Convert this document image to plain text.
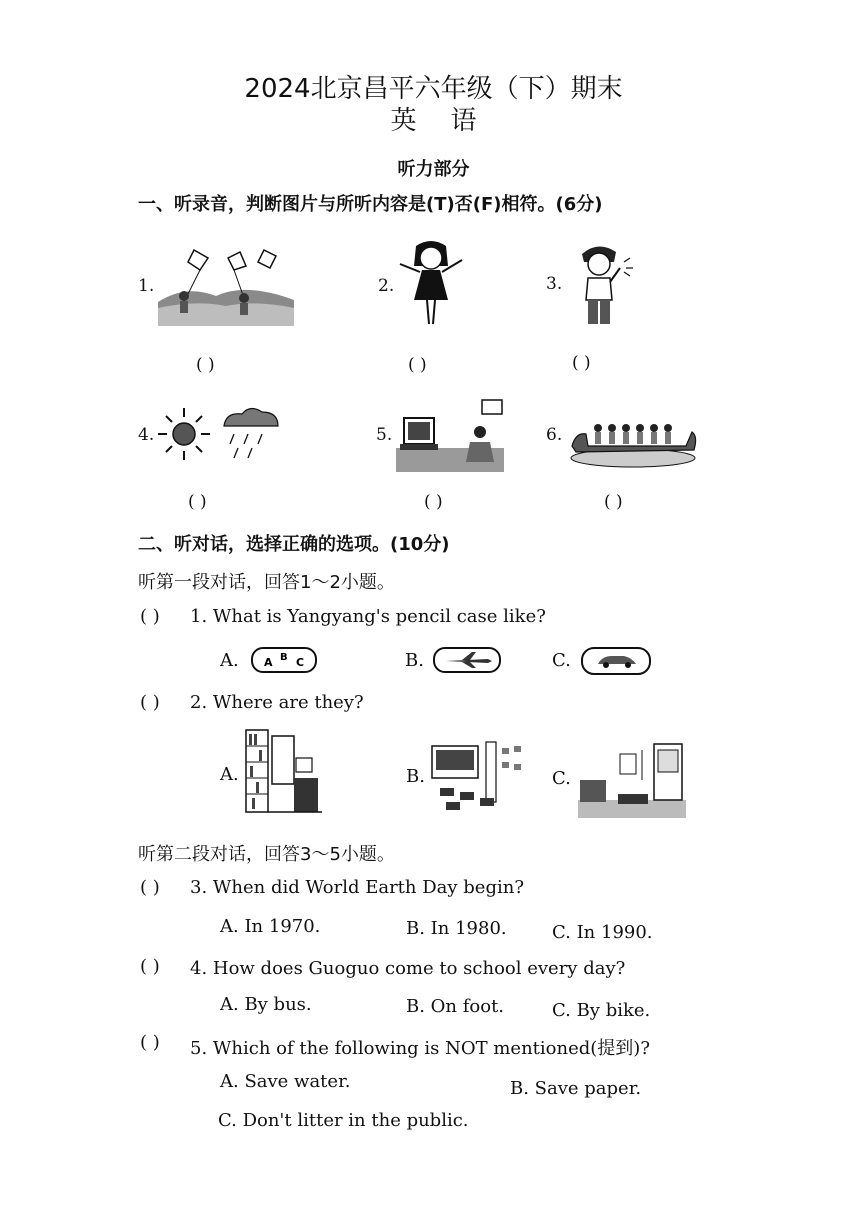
2024北京昌平六年级（下）期末
英语
听力部分
一、听录音，判断图片与所听内容是(T)否(F)相符。(6分)
1.
( )
2.
( )
3.
( )
4.
( )
5.
( )
6.
( )
二、听对话，选择正确的选项。(10分)
听第一段对话，回答1～2小题。
( ) 1. What is Yangyang's pencil case like?
A. A B C	B.	C.
( ) 2. Where are they?
A.	B.	C.
听第二段对话，回答3～5小题。
( ) 3. When did World Earth Day begin?
A. In 1970.	B. In 1980.	C. In 1990.
( ) 4. How does Guoguo come to school every day?
A. By bus.	B. On foot.	C. By bike.
( ) 5. Which of the following is NOT mentioned(提到)?
A. Save water.	B. Save paper.
C. Don't litter in the public.
